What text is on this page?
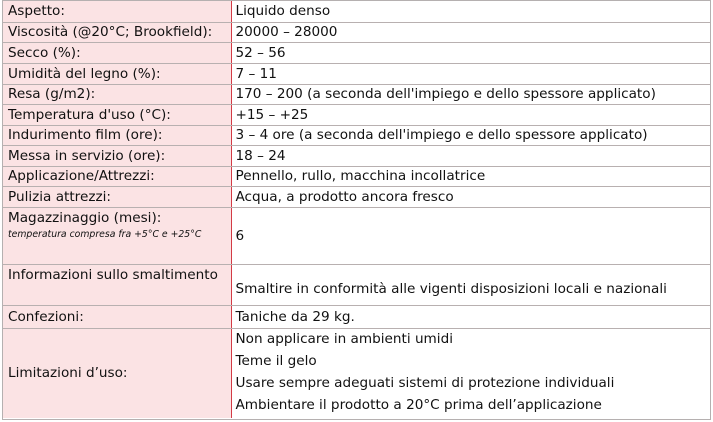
Aspetto:	Liquido denso
Viscosità (@20°C; Brookfield):	20000 – 28000
Secco (%):	52 – 56
Umidità del legno (%):	7 – 11
Resa (g/m2):	170 – 200 (a seconda dell'impiego e dello spessore applicato)
Temperatura d'uso (°C):	+15 – +25
Indurimento film (ore):	3 – 4 ore (a seconda dell'impiego e dello spessore applicato)
Messa in servizio (ore):	18 – 24
Applicazione/Attrezzi:	Pennello, rullo, macchina incollatrice
Pulizia attrezzi:	Acqua, a prodotto ancora fresco

Magazzinaggio (mesi):
temperatura compresa fra +5°C e +25°C	6
Informazioni sullo smaltimento	Smaltire in conformità alle vigenti disposizioni locali e nazionali
Confezioni:	Taniche da 29 kg.
Limitazioni d’uso:	Non applicare in ambienti umidi
Teme il gelo
Usare sempre adeguati sistemi di protezione individuali
Ambientare il prodotto a 20°C prima dell’applicazione
